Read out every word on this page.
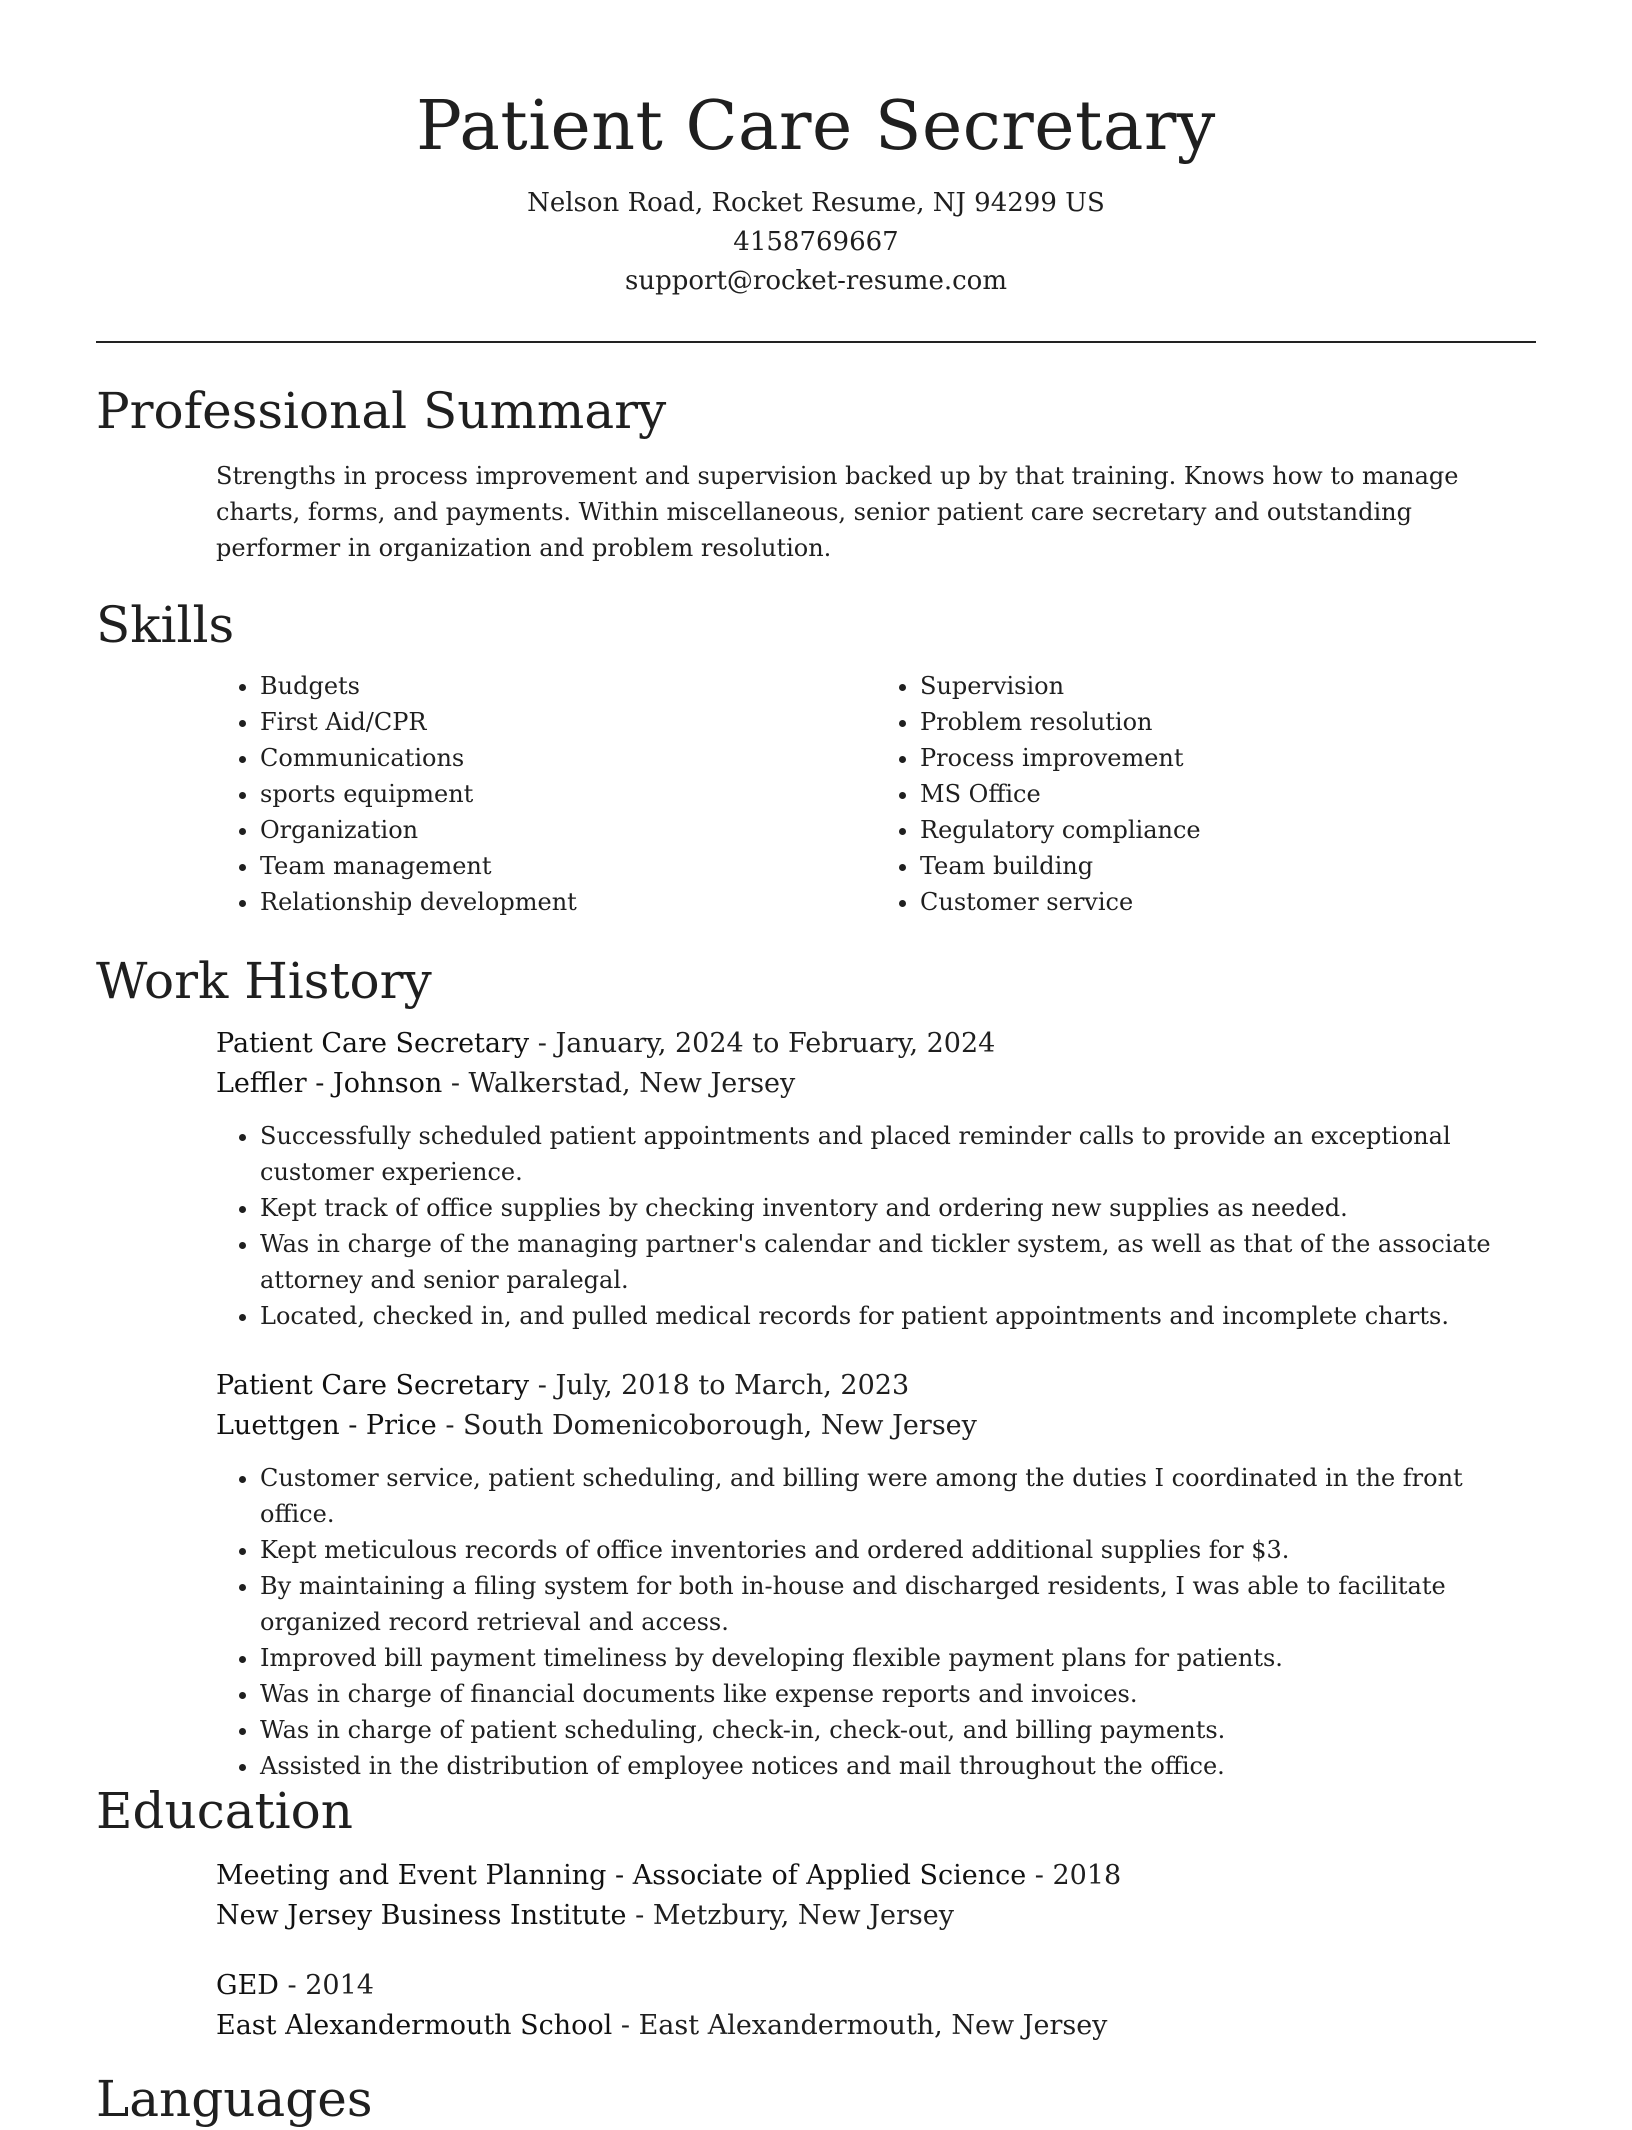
Patient Care Secretary

Nelson Road, Rocket Resume, NJ 94299 US

4158769667

support@rocket-resume.com

Professional Summary

Strengths in process improvement and supervision backed up by that training. Knows how to manage charts, forms, and payments. Within miscellaneous, senior patient care secretary and outstanding performer in organization and problem resolution.

Skills
• Budgets
• First Aid/CPR
• Communications
• sports equipment
• Organization
• Team management
• Relationship development
• Supervision
• Problem resolution
• Process improvement
• MS Office
• Regulatory compliance
• Team building
• Customer service
Work History

Patient Care Secretary - January, 2024 to February, 2024

Leffler - Johnson - Walkerstad, New Jersey

• Successfully scheduled patient appointments and placed reminder calls to provide an exceptional customer experience.
• Kept track of office supplies by checking inventory and ordering new supplies as needed.
• Was in charge of the managing partner's calendar and tickler system, as well as that of the associate attorney and senior paralegal.
• Located, checked in, and pulled medical records for patient appointments and incomplete charts.

Patient Care Secretary - July, 2018 to March, 2023

Luettgen - Price - South Domenicoborough, New Jersey

• Customer service, patient scheduling, and billing were among the duties I coordinated in the front office.
• Kept meticulous records of office inventories and ordered additional supplies for $3.
• By maintaining a filing system for both in-house and discharged residents, I was able to facilitate organized record retrieval and access.
• Improved bill payment timeliness by developing flexible payment plans for patients.
• Was in charge of financial documents like expense reports and invoices.
• Was in charge of patient scheduling, check-in, check-out, and billing payments.
• Assisted in the distribution of employee notices and mail throughout the office.
Education

Meeting and Event Planning - Associate of Applied Science - 2018

New Jersey Business Institute - Metzbury, New Jersey

GED - 2014

East Alexandermouth School - East Alexandermouth, New Jersey

Languages
